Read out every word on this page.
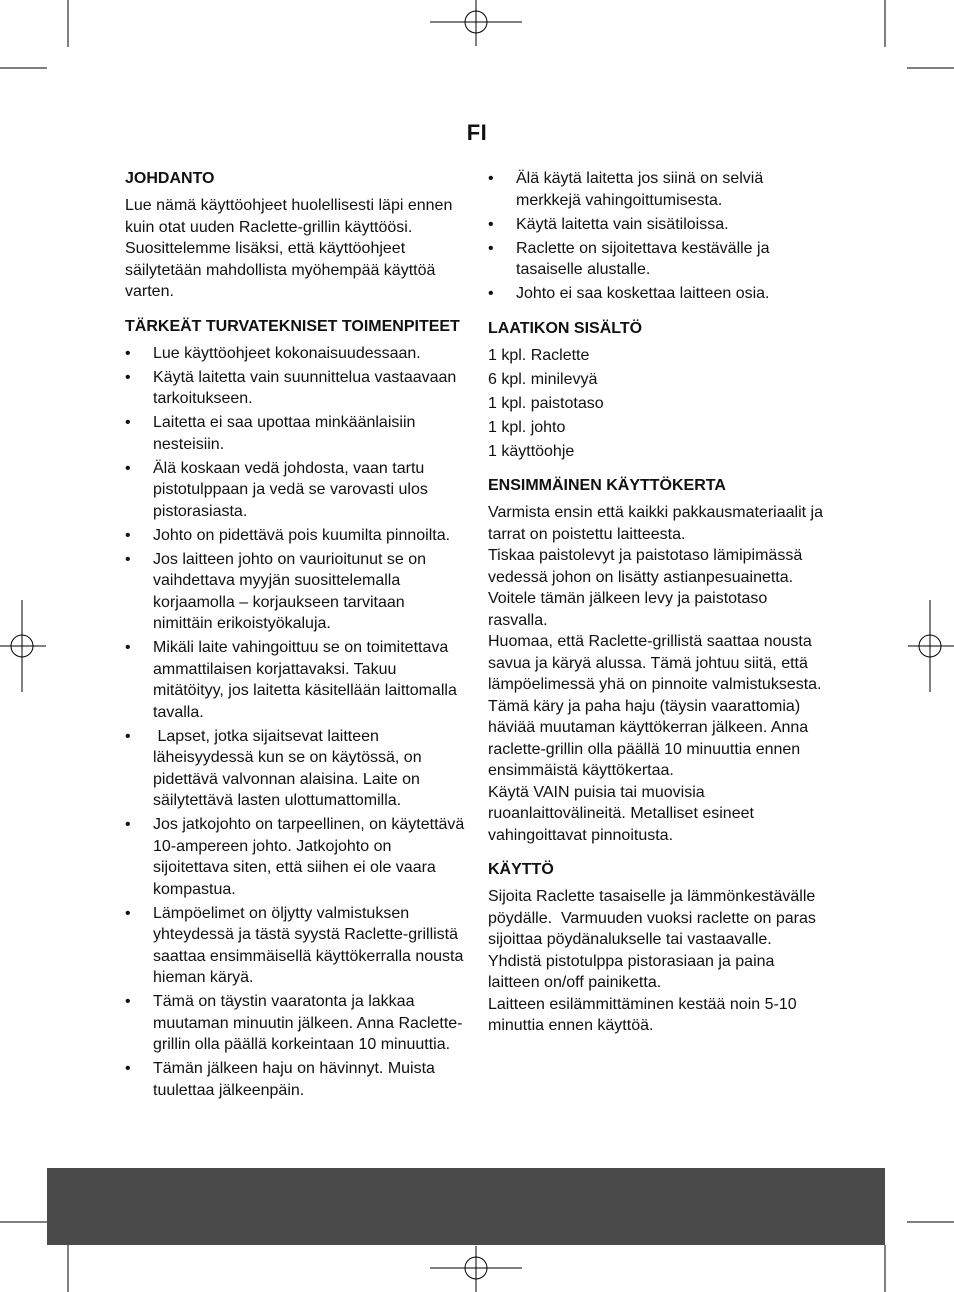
FI
JOHDANTO

Lue nämä käyttöohjeet huolellisesti läpi ennen kuin otat uuden Raclette-grillin käyttöösi. Suosittelemme lisäksi, että käyttöohjeet säilytetään mahdollista myöhempää käyttöä varten.

TÄRKEÄT TURVATEKNISET TOIMENPITEET
• Lue käyttöohjeet kokonaisuudessaan.
• Käytä laitetta vain suunnittelua vastaavaan tarkoitukseen.
• Laitetta ei saa upottaa minkäänlaisiin nesteisiin.
• Älä koskaan vedä johdosta, vaan tartu pistotulppaan ja vedä se varovasti ulos pistorasiasta.
• Johto on pidettävä pois kuumilta pinnoilta.
• Jos laitteen johto on vaurioitunut se on vaihdettava myyjän suosittelemalla korjaamolla – korjaukseen tarvitaan nimittäin erikoistyökaluja.
• Mikäli laite vahingoittuu se on toimitettava ammattilaisen korjattavaksi. Takuu mitätöityy, jos laitetta käsitellään laittomalla tavalla.
•  Lapset, jotka sijaitsevat laitteen läheisyydessä kun se on käytössä, on pidettävä valvonnan alaisina. Laite on säilytettävä lasten ulottumattomilla.
• Jos jatkojohto on tarpeellinen, on käytettävä 10-ampereen johto. Jatkojohto on sijoitettava siten, että siihen ei ole vaara kompastua.
• Lämpöelimet on öljytty valmistuksen yhteydessä ja tästä syystä Raclette-grillistä saattaa ensimmäisellä käyttökerralla nousta hieman käryä.
• Tämä on täystin vaaratonta ja lakkaa muutaman minuutin jälkeen. Anna Raclette-grillin olla päällä korkeintaan 10 minuuttia.
• Tämän jälkeen haju on hävinnyt. Muista tuulettaa jälkeenpäin.
• Älä käytä laitetta jos siinä on selviä merkkejä vahingoittumisesta.
• Käytä laitetta vain sisätiloissa.
• Raclette on sijoitettava kestävälle ja tasaiselle alustalle.
• Johto ei saa koskettaa laitteen osia.
LAATIKON SISÄLTÖ
1 kpl. Raclette
6 kpl. minilevyä
1 kpl. paistotaso
1 kpl. johto
1 käyttöohje
ENSIMMÄINEN KÄYTTÖKERTA

Varmista ensin että kaikki pakkausmateriaalit ja tarrat on poistettu laitteesta.

Tiskaa paistolevyt ja paistotaso lämipimässä vedessä johon on lisätty astianpesuainetta. Voitele tämän jälkeen levy ja paistotaso rasvalla.

Huomaa, että Raclette-grillistä saattaa nousta savua ja käryä alussa. Tämä johtuu siitä, että lämpöelimessä yhä on pinnoite valmistuksesta. Tämä käry ja paha haju (täysin vaarattomia) häviää muutaman käyttökerran jälkeen. Anna raclette-grillin olla päällä 10 minuuttia ennen ensimmäistä käyttökertaa.

Käytä VAIN puisia tai muovisia ruoanlaittovälineitä. Metalliset esineet vahingoittavat pinnoitusta.

KÄYTTÖ

Sijoita Raclette tasaiselle ja lämmönkestävälle pöydälle.  Varmuuden vuoksi raclette on paras sijoittaa pöydänalukselle tai vastaavalle.

Yhdistä pistotulppa pistorasiaan ja paina laitteen on/off painiketta.

Laitteen esilämmittäminen kestää noin 5-10 minuttia ennen käyttöä.
